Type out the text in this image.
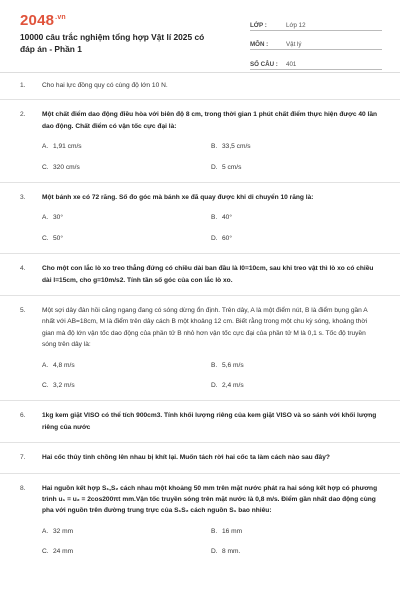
$2048^{.vn}$
10000 câu trắc nghiệm tổng hợp Vật lí 2025 có đáp án - Phần 1
LỚP :	Lớp 12
MÔN :	Vật lý
SỐ CÂU :	401
1.	Cho hai lực đồng quy có cùng độ lớn 10 N.
2.	Một chất điểm dao động điều hòa với biên độ 8 cm, trong thời gian 1 phút chất điểm thực hiện được 40 lần dao động. Chất điểm có vận tốc cực đại là:
A. 1,91 cm/s	B. 33,5 cm/s
C. 320 cm/s	D. 5 cm/s
3.	Một bánh xe có 72 răng. Số đo góc mà bánh xe đã quay được khi di chuyển 10 răng là:
A. 30°	B. 40°
C. 50°	D. 60°
4.	Cho một con lắc lò xo treo thẳng đứng có chiều dài ban đầu là l0=10cm, sau khi treo vật thì lò xo có chiều dài l=15cm, cho g=10m/s2. Tính tần số góc của con lắc lò xo.
5.	Một sợi dây đàn hồi căng ngang đang có sóng dừng ổn định. Trên dây, A là một điểm nút, B là điểm bụng gần A nhất với AB=18cm, M là điểm trên dây cách B một khoảng 12 cm. Biết rằng trong một chu kỳ sóng, khoảng thời gian mà độ lớn vận tốc dao động của phần tử B nhỏ hơn vận tốc cực đại của phần tử M là 0,1 s. Tốc độ truyền sóng trên dây là:
A. 4,8 m/s	B. 5,6 m/s
C. 3,2 m/s	D. 2,4 m/s
6.	1kg kem giặt VISO có thể tích 900cm3. Tính khối lượng riêng của kem giặt VISO và so sánh với khối lượng riêng của nước
7.	Hai cốc thủy tinh chồng lên nhau bị khít lại. Muốn tách rời hai cốc ta làm cách nào sau đây?
8.	Hai nguồn kết hợp S₁,S₂ cách nhau một khoảng 50 mm trên mặt nước phát ra hai sóng kết hợp có phương trình u₁ = u₂ = 2cos200πt mm.Vận tốc truyền sóng trên mặt nước là 0,8 m/s. Điểm gần nhất dao động cùng pha với nguồn trên đường trung trực của S₁S₂ cách nguồn S₁ bao nhiêu:
A. 32 mm	B. 16 mm
C. 24 mm	D. 8 mm.
